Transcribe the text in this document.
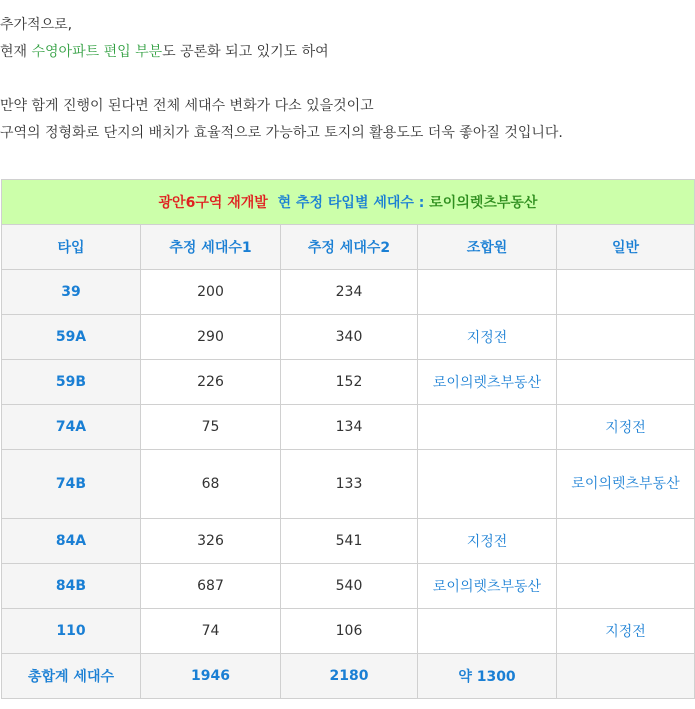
추가적으로,
현재 수영아파트 편입 부분도 공론화 되고 있기도 하여
만약 함게 진행이 된다면 전체 세대수 변화가 다소 있을것이고
구역의 정형화로 단지의 배치가 효율적으로 가능하고 토지의 활용도도 더욱 좋아질 것입니다.
광안6구역 재개발 현 추정 타입별 세대수 : 로이의렛츠부동산				
타입	추정 세대수1	추정 세대수2	조합원	일반
39	200	234		
59A	290	340	지정전	
59B	226	152	로이의렛츠부동산	
74A	75	134		지정전
74B	68	133		로이의렛츠부동산
84A	326	541	지정전	
84B	687	540	로이의렛츠부동산	
110	74	106		지정전
총합계 세대수	1946	2180	약 1300	
